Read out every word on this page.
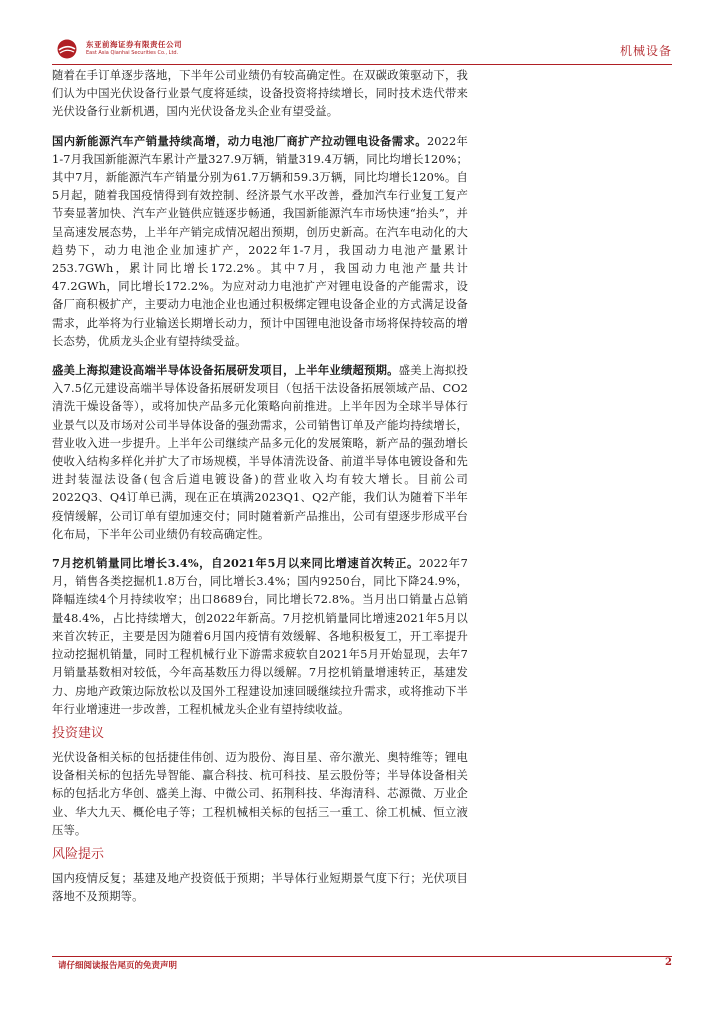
东亚前海证券有限责任公司
East Asia Qianhai Securities Co., Ltd.	机械设备

随着在手订单逐步落地，下半年公司业绩仍有较高确定性。在双碳政策驱动下，我们认为中国光伏设备行业景气度将延续，设备投资将持续增长，同时技术迭代带来光伏设备行业新机遇，国内光伏设备龙头企业有望受益。

国内新能源汽车产销量持续高增，动力电池厂商扩产拉动锂电设备需求。2022年1-7月我国新能源汽车累计产量327.9万辆，销量319.4万辆，同比均增长120%；其中7月，新能源汽车产销量分别为61.7万辆和59.3万辆，同比均增长120%。自5月起，随着我国疫情得到有效控制、经济景气水平改善，叠加汽车行业复工复产节奏显著加快、汽车产业链供应链逐步畅通，我国新能源汽车市场快速“抬头”，并呈高速发展态势，上半年产销完成情况超出预期，创历史新高。在汽车电动化的大趋势下，动力电池企业加速扩产，2022年1-7月，我国动力电池产量累计253.7GWh，累计同比增长172.2%。其中7月，我国动力电池产量共计47.2GWh，同比增长172.2%。为应对动力电池扩产对锂电设备的产能需求，设备厂商积极扩产，主要动力电池企业也通过积极绑定锂电设备企业的方式满足设备需求，此举将为行业输送长期增长动力，预计中国锂电池设备市场将保持较高的增长态势，优质龙头企业有望持续受益。

盛美上海拟建设高端半导体设备拓展研发项目，上半年业绩超预期。盛美上海拟投入7.5亿元建设高端半导体设备拓展研发项目（包括干法设备拓展领域产品、CO2清洗干燥设备等），或将加快产品多元化策略向前推进。上半年因为全球半导体行业景气以及市场对公司半导体设备的强劲需求，公司销售订单及产能均持续增长，营业收入进一步提升。上半年公司继续产品多元化的发展策略，新产品的强劲增长使收入结构多样化并扩大了市场规模，半导体清洗设备、前道半导体电镀设备和先进封装湿法设备(包含后道电镀设备)的营业收入均有较大增长。目前公司2022Q3、Q4订单已满，现在正在填满2023Q1、Q2产能，我们认为随着下半年疫情缓解，公司订单有望加速交付；同时随着新产品推出，公司有望逐步形成平台化布局，下半年公司业绩仍有较高确定性。

7月挖机销量同比增长3.4%，自2021年5月以来同比增速首次转正。2022年7月，销售各类挖掘机1.8万台，同比增长3.4%；国内9250台，同比下降24.9%，降幅连续4个月持续收窄；出口8689台，同比增长72.8%。当月出口销量占总销量48.4%，占比持续增大，创2022年新高。7月挖机销量同比增速2021年5月以来首次转正，主要是因为随着6月国内疫情有效缓解、各地积极复工，开工率提升拉动挖掘机销量，同时工程机械行业下游需求疲软自2021年5月开始显现，去年7月销量基数相对较低，今年高基数压力得以缓解。7月挖机销量增速转正，基建发力、房地产政策边际放松以及国外工程建设加速回暖继续拉升需求，或将推动下半年行业增速进一步改善，工程机械龙头企业有望持续收益。

投资建议

光伏设备相关标的包括捷佳伟创、迈为股份、海目星、帝尔激光、奥特维等；锂电设备相关标的包括先导智能、赢合科技、杭可科技、星云股份等；半导体设备相关标的包括北方华创、盛美上海、中微公司、拓荆科技、华海清科、芯源微、万业企业、华大九天、概伦电子等；工程机械相关标的包括三一重工、徐工机械、恒立液压等。

风险提示

国内疫情反复；基建及地产投资低于预期；半导体行业短期景气度下行；光伏项目落地不及预期等。

请仔细阅读报告尾页的免责声明	2
